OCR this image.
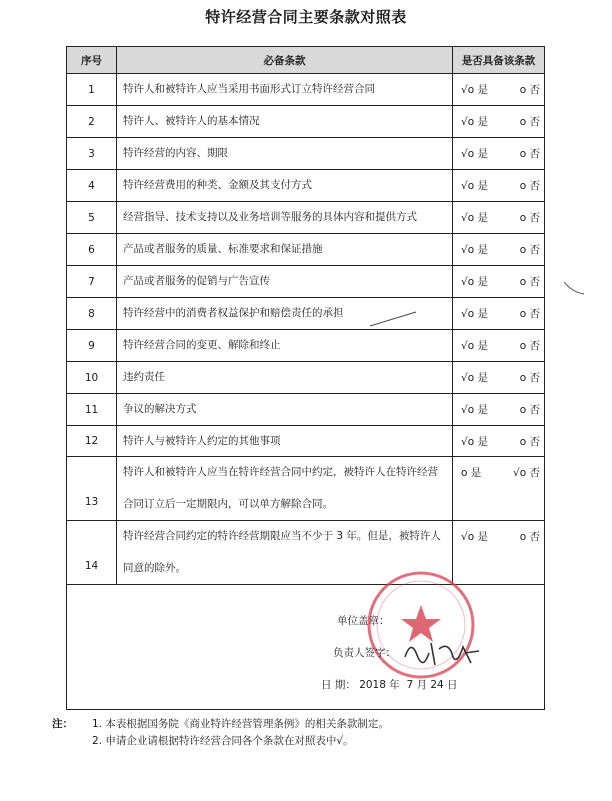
特许经营合同主要条款对照表
序号	必备条款	是否具备该条款
1	特许人和被特许人应当采用书面形式订立特许经营合同	√o 是 o 否

2	特许人、被特许人的基本情况	√o 是 o 否

3	特许经营的内容、期限	√o 是 o 否

4	特许经营费用的种类、金额及其支付方式	√o 是 o 否

5	经营指导、技术支持以及业务培训等服务的具体内容和提供方式	√o 是 o 否

6	产品或者服务的质量、标准要求和保证措施	√o 是 o 否

7	产品或者服务的促销与广告宣传	√o 是 o 否

8	特许经营中的消费者权益保护和赔偿责任的承担	√o 是 o 否

9	特许经营合同的变更、解除和终止	√o 是 o 否

10	违约责任	√o 是 o 否

11	争议的解决方式	√o 是 o 否

12	特许人与被特许人约定的其他事项	√o 是 o 否

13	特许人和被特许人应当在特许经营合同中约定，被特许人在特许经营
合同订立后一定期限内，可以单方解除合同。	o 是 √o 否

14	特许经营合同约定的特许经营期限应当不少于 3 年。但是，被特许人
同意的除外。	√o 是 o 否

单位盖章：
负责人签字：
日 期： 2018 年 7 月 24 日		
注： 1. 本表根据国务院《商业特许经营管理条例》的相关条款制定。
2. 申请企业请根据特许经营合同各个条款在对照表中√。
